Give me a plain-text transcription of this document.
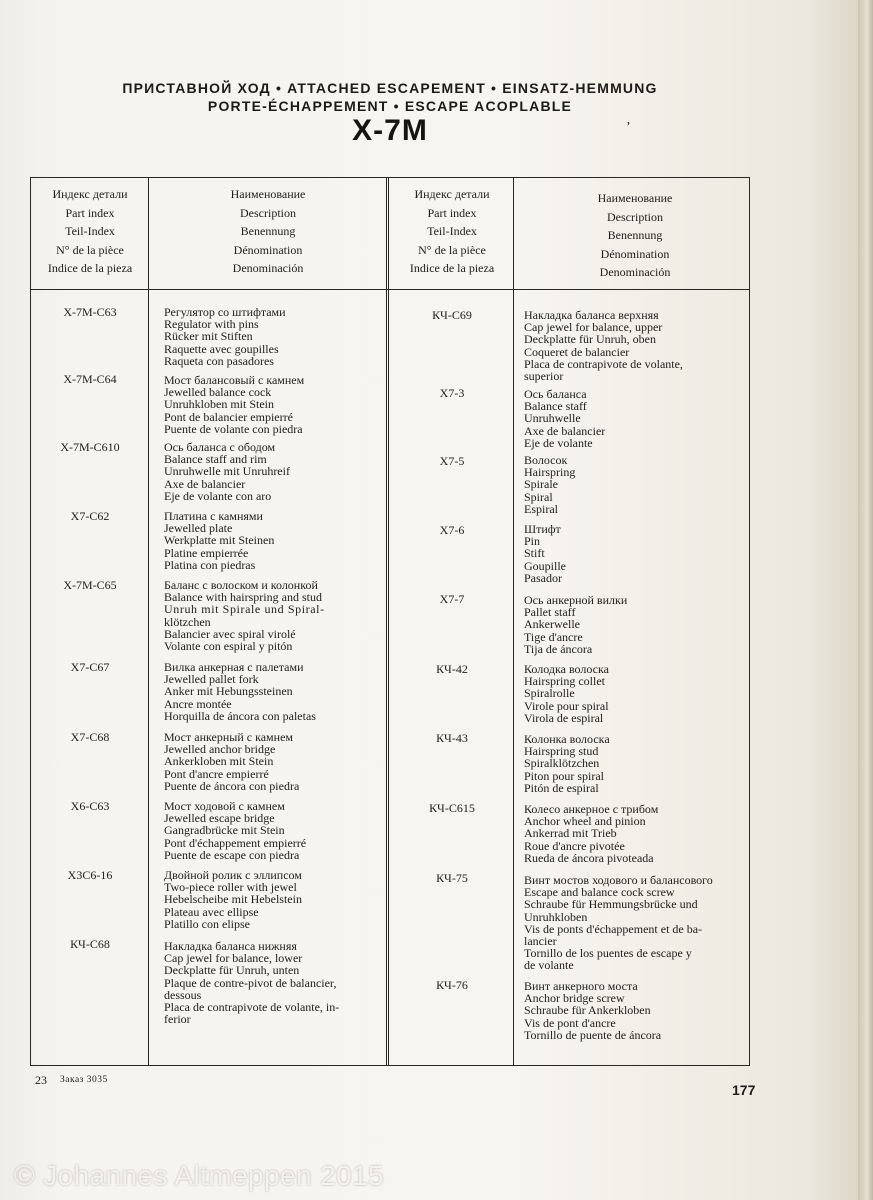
ПРИСТАВНОЙ ХОД • ATTACHED ESCAPEMENT • EINSATZ-HEMMUNG
PORTE-ÉCHAPPEMENT • ESCAPE ACOPLABLE
X-7M	ʼ
Индекс детали
Part index
Teil-Index
N° de la pièce
Indice de la pieza
Наименование
Description
Benennung
Dénomination
Denominación
Индекс детали
Part index
Teil-Index
N° de la pièce
Indice de la pieza
Наименование
Description
Benennung
Dénomination
Denominación
X-7M-C63	Регулятор со штифтами
Regulator with pins
Rücker mit Stiften
Raquette avec goupilles
Raqueta con pasadores
X-7M-C64	Мост балансовый с камнем
Jewelled balance cock
Unruhkloben mit Stein
Pont de balancier empierré
Puente de volante con piedra
X-7M-C610	Ось баланса с ободом
Balance staff and rim
Unruhwelle mit Unruhreif
Axe de balancier
Eje de volante con aro
X7-C62	Платина с камнями
Jewelled plate
Werkplatte mit Steinen
Platine empierrée
Platina con piedras
X-7M-C65	Баланс с волоском и колонкой
Balance with hairspring and stud
Unruh mit Spirale und Spiral-
klötzchen
Balancier avec spiral virolé
Volante con espiral y pitón
X7-C67	Вилка анкерная с палетами
Jewelled pallet fork
Anker mit Hebungssteinen
Ancre montée
Horquilla de áncora con paletas
X7-C68	Мост анкерный с камнем
Jewelled anchor bridge
Ankerkloben mit Stein
Pont d'ancre empierré
Puente de áncora con piedra
X6-C63	Мост ходовой с камнем
Jewelled escape bridge
Gangradbrücke mit Stein
Pont d'échappement empierré
Puente de escape con piedra
X3C6-16	Двойной ролик с эллипсом
Two-piece roller with jewel
Hebelscheibe mit Hebelstein
Plateau avec ellipse
Platillo con elipse
КЧ-C68	Накладка баланса нижняя
Cap jewel for balance, lower
Deckplatte für Unruh, unten
Plaque de contre-pivot de balancier,
dessous
Placa de contrapivote de volante, in-
ferior
КЧ-C69	Накладка баланса верхняя
Cap jewel for balance, upper
Deckplatte für Unruh, oben
Coqueret de balancier
Placa de contrapivote de volante,
superior
X7-3	Ось баланса
Balance staff
Unruhwelle
Axe de balancier
Eje de volante
X7-5	Волосок
Hairspring
Spirale
Spiral
Espiral
X7-6	Штифт
Pin
Stift
Goupille
Pasador
X7-7	Ось анкерной вилки
Pallet staff
Ankerwelle
Tige d'ancre
Tija de áncora
КЧ-42	Колодка волоска
Hairspring collet
Spiralrolle
Virole pour spiral
Virola de espiral
КЧ-43	Колонка волоска
Hairspring stud
Spiralklötzchen
Piton pour spiral
Pitón de espiral
КЧ-C615	Колесо анкерное с трибом
Anchor wheel and pinion
Ankerrad mit Trieb
Roue d'ancre pivotée
Rueda de áncora pivoteada
КЧ-75	Винт мостов ходового и балансового
Escape and balance cock screw
Schraube für Hemmungsbrücke und
Unruhkloben
Vis de ponts d'échappement et de ba-
lancier
Tornillo de los puentes de escape y
de volante
КЧ-76	Винт анкерного моста
Anchor bridge screw
Schraube für Ankerkloben
Vis de pont d'ancre
Tornillo de puente de áncora
23 Заказ 3035
177
© Johannes Altmeppen 2015
